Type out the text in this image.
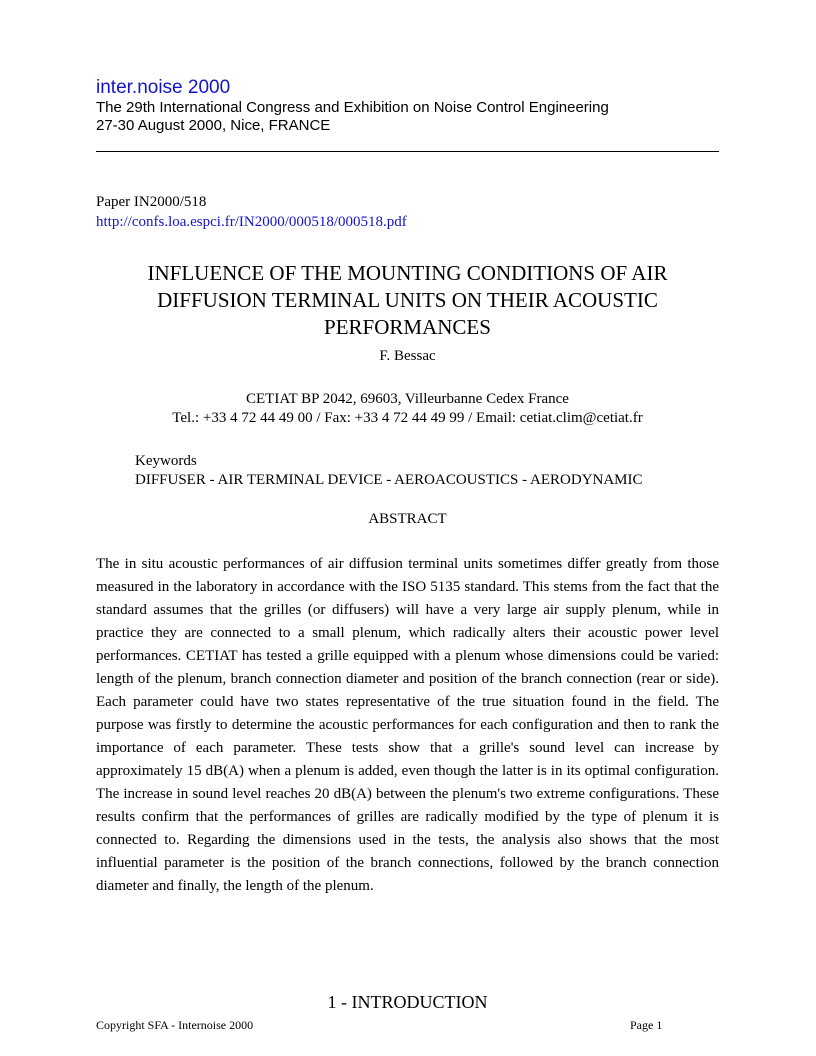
inter.noise 2000
The 29th International Congress and Exhibition on Noise Control Engineering
27-30 August 2000, Nice, FRANCE
Paper IN2000/518
http://confs.loa.espci.fr/IN2000/000518/000518.pdf
INFLUENCE OF THE MOUNTING CONDITIONS OF AIR
DIFFUSION TERMINAL UNITS ON THEIR ACOUSTIC
PERFORMANCES
F. Bessac
CETIAT BP 2042, 69603, Villeurbanne Cedex France
Tel.: +33 4 72 44 49 00 / Fax: +33 4 72 44 49 99 / Email: cetiat.clim@cetiat.fr
Keywords
DIFFUSER - AIR TERMINAL DEVICE - AEROACOUSTICS - AERODYNAMIC
ABSTRACT

The in situ acoustic performances of air diffusion terminal units sometimes differ greatly from those measured in the laboratory in accordance with the ISO 5135 standard. This stems from the fact that the standard assumes that the grilles (or diffusers) will have a very large air supply plenum, while in practice they are connected to a small plenum, which radically alters their acoustic power level performances. CETIAT has tested a grille equipped with a plenum whose dimensions could be varied: length of the plenum, branch connection diameter and position of the branch connection (rear or side). Each parameter could have two states representative of the true situation found in the field. The purpose was firstly to determine the acoustic performances for each configuration and then to rank the importance of each parameter. These tests show that a grille's sound level can increase by approximately 15 dB(A) when a plenum is added, even though the latter is in its optimal configuration. The increase in sound level reaches 20 dB(A) between the plenum's two extreme configurations. These results confirm that the performances of grilles are radically modified by the type of plenum it is connected to. Regarding the dimensions used in the tests, the analysis also shows that the most influential parameter is the position of the branch connections, followed by the branch connection diameter and finally, the length of the plenum.

1 - INTRODUCTION
Copyright SFA - Internoise 2000	Page 1
